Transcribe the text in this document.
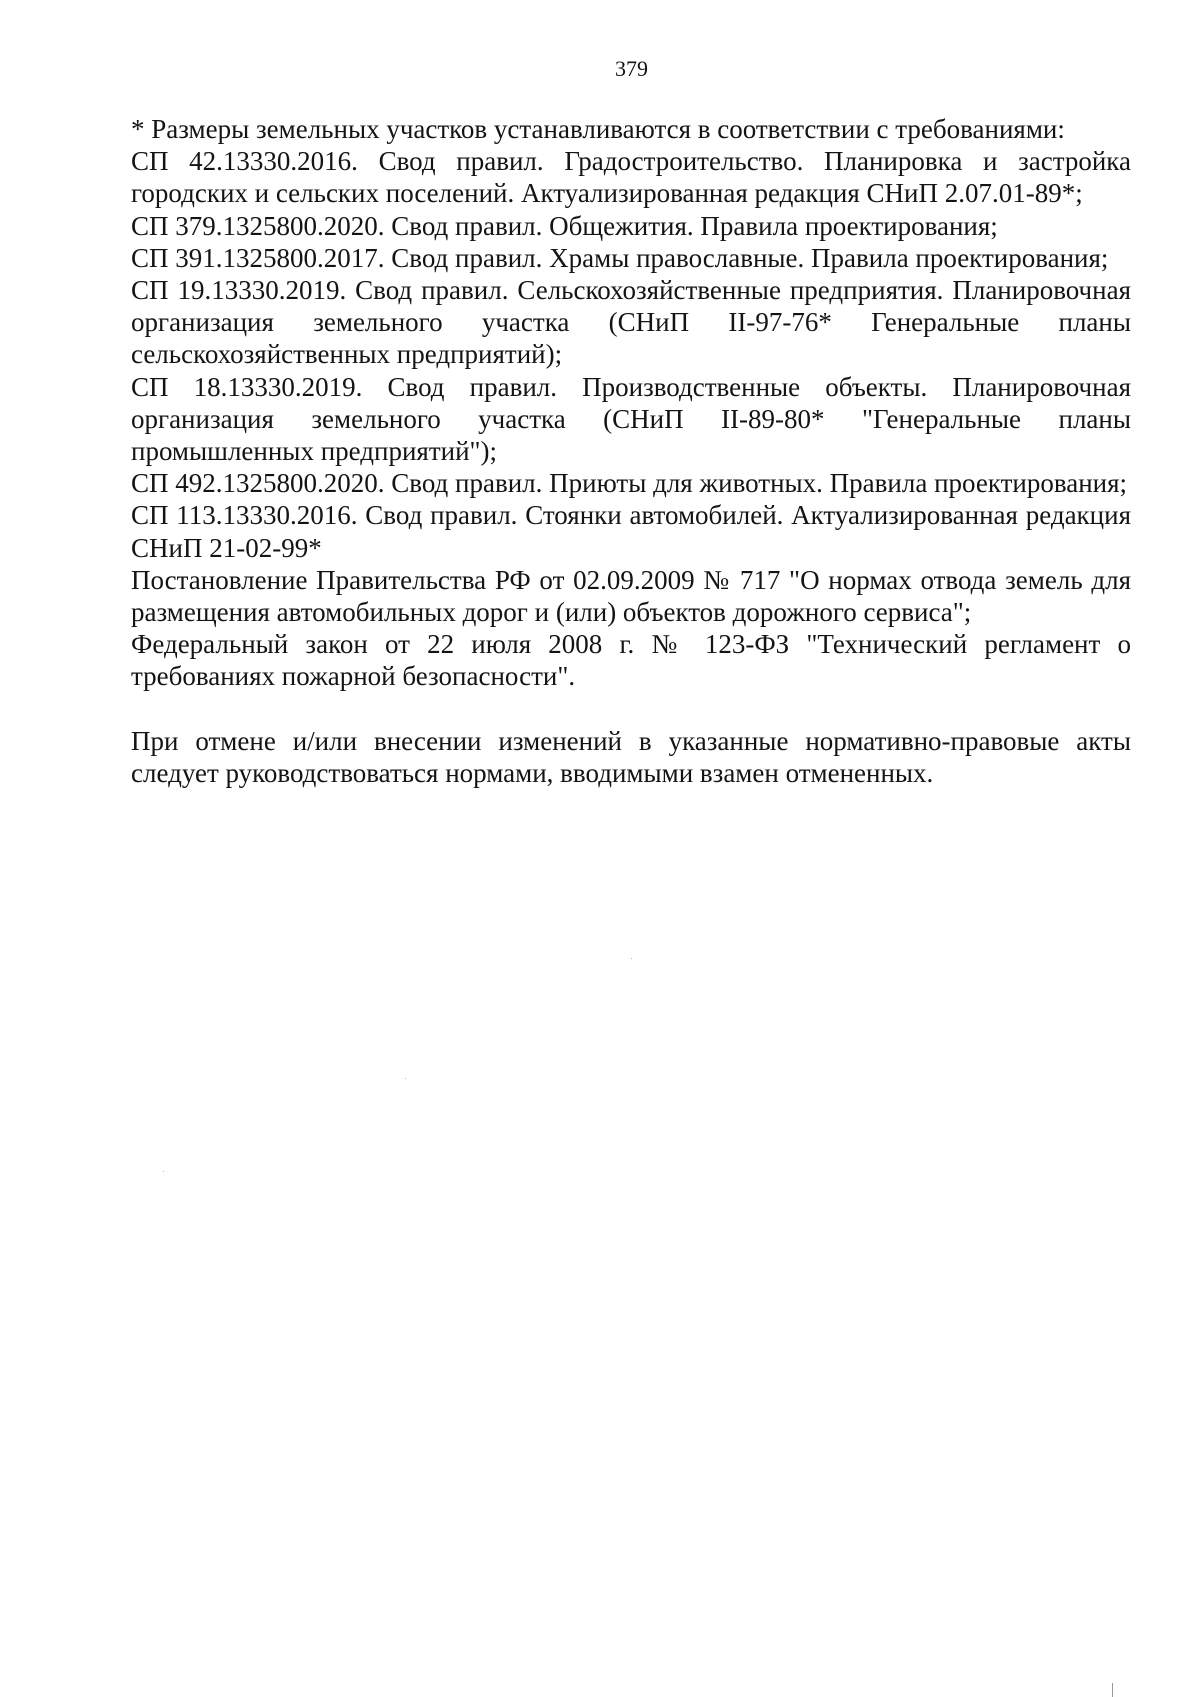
379

* Размеры земельных участков устанавливаются в соответствии с требованиями:

СП 42.13330.2016. Свод правил. Градостроительство. Планировка и застройка городских и сельских поселений. Актуализированная редакция СНиП 2.07.01-89*;

СП 379.1325800.2020. Свод правил. Общежития. Правила проектирования;

СП 391.1325800.2017. Свод правил. Храмы православные. Правила проектирования;

СП 19.13330.2019. Свод правил. Сельскохозяйственные предприятия. Планировочная организация земельного участка (СНиП II-97-76* Генеральные планы сельскохозяйственных предприятий);

СП 18.13330.2019. Свод правил. Производственные объекты. Планировочная организация земельного участка (СНиП II-89-80* "Генеральные планы промышленных предприятий");

СП 492.1325800.2020. Свод правил. Приюты для животных. Правила проектирования;

СП 113.13330.2016. Свод правил. Стоянки автомобилей. Актуализированная редакция СНиП 21-02-99*

Постановление Правительства РФ от 02.09.2009 № 717 "О нормах отвода земель для размещения автомобильных дорог и (или) объектов дорожного сервиса";

Федеральный закон от 22 июля 2008 г. № 123-ФЗ "Технический регламент о требованиях пожарной безопасности".

При отмене и/или внесении изменений в указанные нормативно-правовые акты следует руководствоваться нормами, вводимыми взамен отмененных.
